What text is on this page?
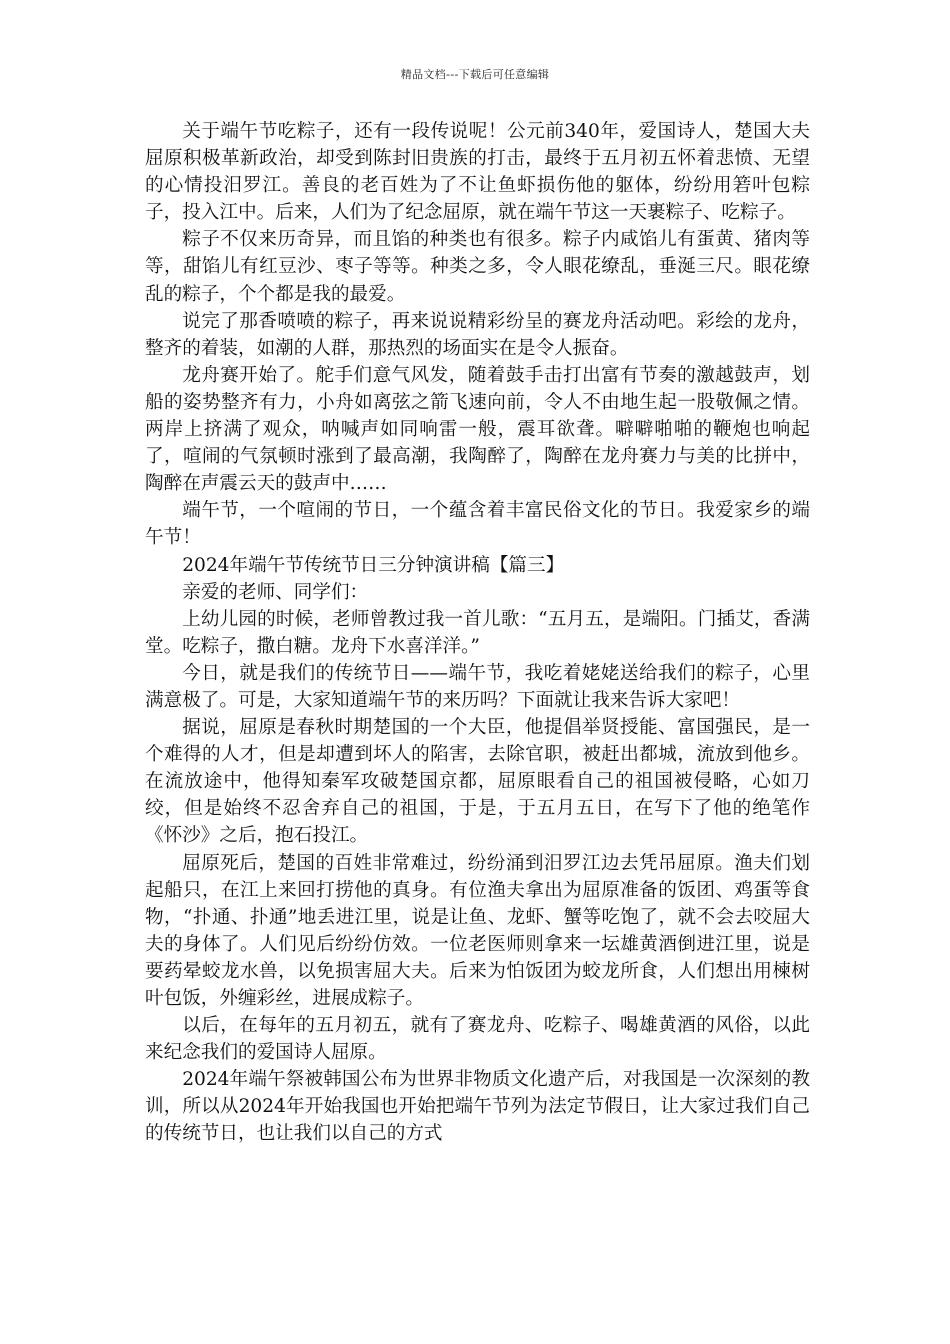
精品文档---下载后可任意编辑

关于端午节吃粽子，还有一段传说呢！公元前340年，爱国诗人，楚国大夫屈原积极革新政治，却受到陈封旧贵族的打击，最终于五月初五怀着悲愤、无望的心情投汨罗江。善良的老百姓为了不让鱼虾损伤他的躯体，纷纷用箬叶包粽子，投入江中。后来，人们为了纪念屈原，就在端午节这一天裹粽子、吃粽子。

粽子不仅来历奇异，而且馅的种类也有很多。粽子内咸馅儿有蛋黄、猪肉等等，甜馅儿有红豆沙、枣子等等。种类之多，令人眼花缭乱，垂涎三尺。眼花缭乱的粽子，个个都是我的最爱。

说完了那香喷喷的粽子，再来说说精彩纷呈的赛龙舟活动吧。彩绘的龙舟，整齐的着装，如潮的人群，那热烈的场面实在是令人振奋。

龙舟赛开始了。舵手们意气风发，随着鼓手击打出富有节奏的激越鼓声，划船的姿势整齐有力，小舟如离弦之箭飞速向前，令人不由地生起一股敬佩之情。两岸上挤满了观众，呐喊声如同响雷一般，震耳欲聋。噼噼啪啪的鞭炮也响起了，喧闹的气氛顿时涨到了最高潮，我陶醉了，陶醉在龙舟赛力与美的比拼中，陶醉在声震云天的鼓声中……

端午节，一个喧闹的节日，一个蕴含着丰富民俗文化的节日。我爱家乡的端午节！

2024年端午节传统节日三分钟演讲稿【篇三】

亲爱的老师、同学们：

上幼儿园的时候，老师曾教过我一首儿歌：“五月五，是端阳。门插艾，香满堂。吃粽子，撒白糖。龙舟下水喜洋洋。”

今日，就是我们的传统节日——端午节，我吃着姥姥送给我们的粽子，心里满意极了。可是，大家知道端午节的来历吗？下面就让我来告诉大家吧！

据说，屈原是春秋时期楚国的一个大臣，他提倡举贤授能、富国强民，是一个难得的人才，但是却遭到坏人的陷害，去除官职，被赶出都城，流放到他乡。在流放途中，他得知秦军攻破楚国京都，屈原眼看自己的祖国被侵略，心如刀绞，但是始终不忍舍弃自己的祖国，于是，于五月五日，在写下了他的绝笔作《怀沙》之后，抱石投江。

屈原死后，楚国的百姓非常难过，纷纷涌到汨罗江边去凭吊屈原。渔夫们划起船只，在江上来回打捞他的真身。有位渔夫拿出为屈原准备的饭团、鸡蛋等食物，“扑通、扑通”地丢进江里，说是让鱼、龙虾、蟹等吃饱了，就不会去咬屈大夫的身体了。人们见后纷纷仿效。一位老医师则拿来一坛雄黄酒倒进江里，说是要药晕蛟龙水兽，以免损害屈大夫。后来为怕饭团为蛟龙所食，人们想出用楝树叶包饭，外缠彩丝，进展成粽子。

以后，在每年的五月初五，就有了赛龙舟、吃粽子、喝雄黄酒的风俗，以此来纪念我们的爱国诗人屈原。

2024年端午祭被韩国公布为世界非物质文化遗产后，对我国是一次深刻的教训，所以从2024年开始我国也开始把端午节列为法定节假日，让大家过我们自己的传统节日，也让我们以自己的方式
